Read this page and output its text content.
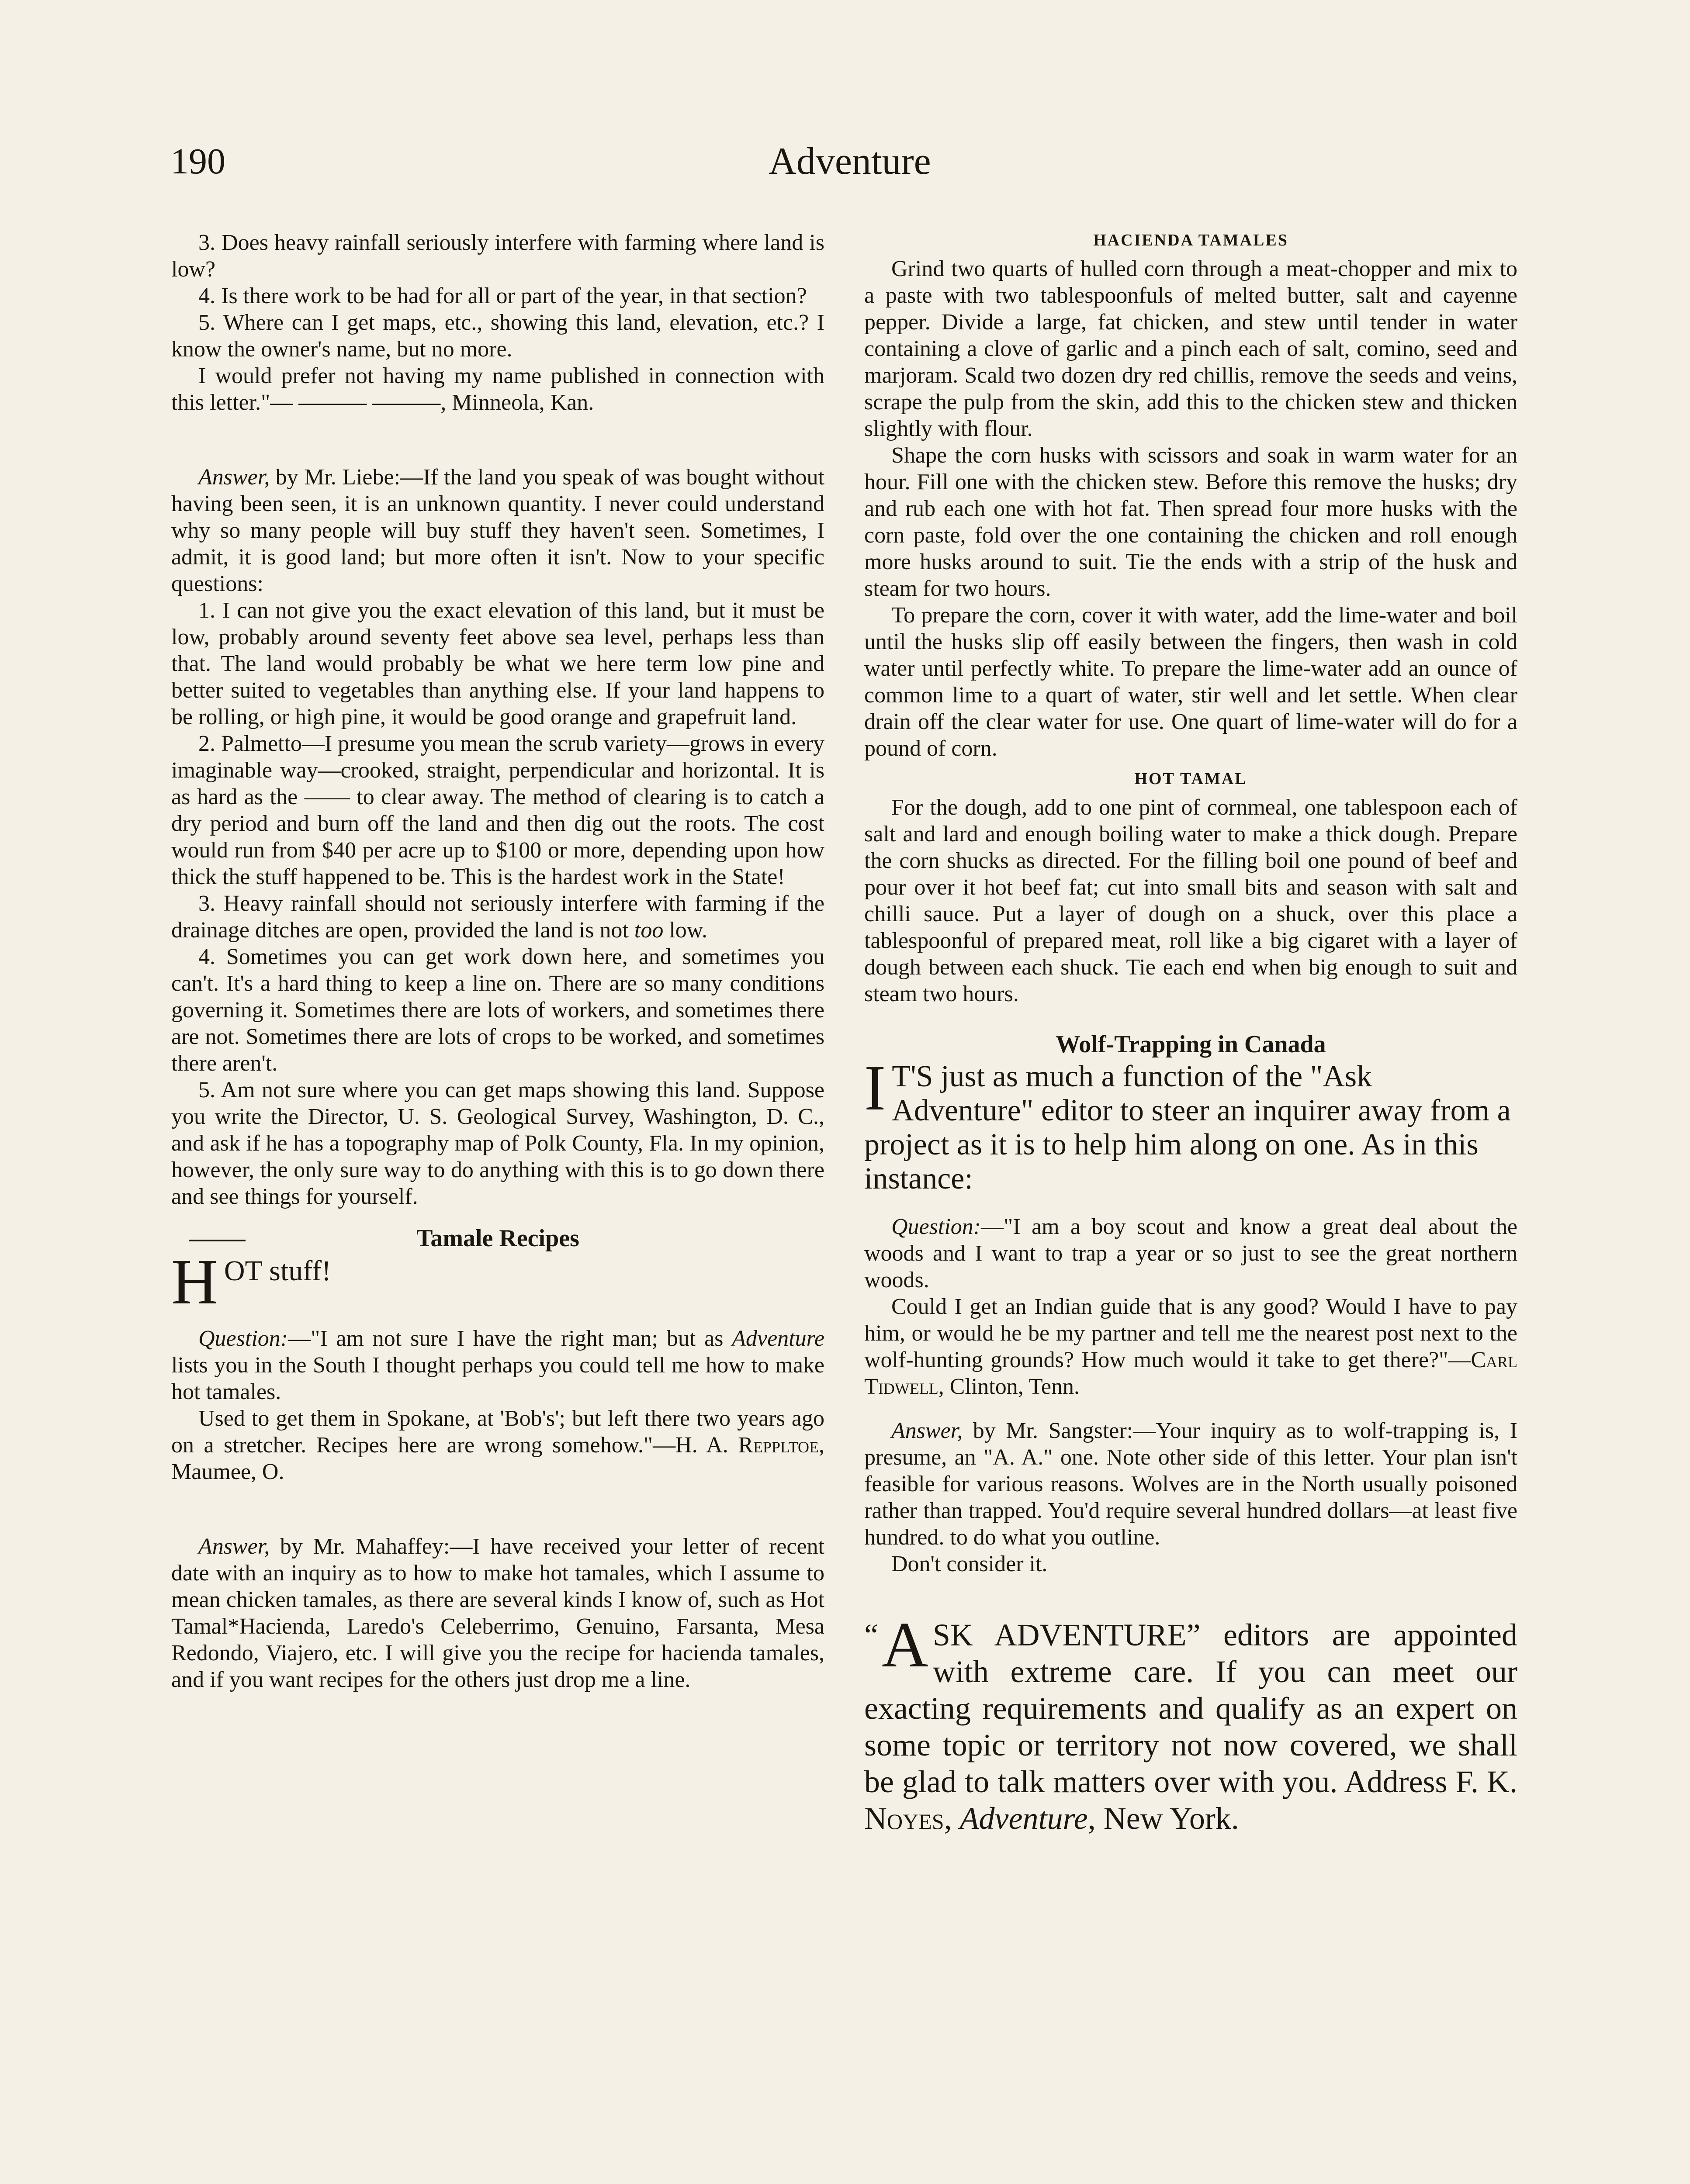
190	Adventure

3. Does heavy rainfall seriously interfere with farming where land is low?

4. Is there work to be had for all or part of the year, in that section?

5. Where can I get maps, etc., showing this land, elevation, etc.? I know the owner's name, but no more.

I would prefer not having my name published in connection with this letter."— ——— ———, Minneola, Kan.

Answer, by Mr. Liebe:—If the land you speak of was bought without having been seen, it is an unknown quantity. I never could understand why so many people will buy stuff they haven't seen. Sometimes, I admit, it is good land; but more often it isn't. Now to your specific questions:

1. I can not give you the exact elevation of this land, but it must be low, probably around seventy feet above sea level, perhaps less than that. The land would probably be what we here term low pine and better suited to vegetables than anything else. If your land happens to be rolling, or high pine, it would be good orange and grapefruit land.

2. Palmetto—I presume you mean the scrub variety—grows in every imaginable way—crooked, straight, perpendicular and horizontal. It is as hard as the —— to clear away. The method of clearing is to catch a dry period and burn off the land and then dig out the roots. The cost would run from $40 per acre up to $100 or more, depending upon how thick the stuff happened to be. This is the hardest work in the State!

3. Heavy rainfall should not seriously interfere with farming if the drainage ditches are open, provided the land is not too low.

4. Sometimes you can get work down here, and sometimes you can't. It's a hard thing to keep a line on. There are so many conditions governing it. Sometimes there are lots of workers, and sometimes there are not. Sometimes there are lots of crops to be worked, and sometimes there aren't.

5. Am not sure where you can get maps showing this land. Suppose you write the Director, U. S. Geological Survey, Washington, D. C., and ask if he has a topography map of Polk County, Fla. In my opinion, however, the only sure way to do anything with this is to go down there and see things for yourself.

Tamale Recipes
H OT stuff!

Question:—"I am not sure I have the right man; but as Adventure lists you in the South I thought perhaps you could tell me how to make hot tamales.

Used to get them in Spokane, at 'Bob's'; but left there two years ago on a stretcher. Recipes here are wrong somehow."—H. A. Reppltoe, Maumee, O.

Answer, by Mr. Mahaffey:—I have received your letter of recent date with an inquiry as to how to make hot tamales, which I assume to mean chicken tamales, as there are several kinds I know of, such as Hot Tamal*Hacienda, Laredo's Celeberrimo, Genuino, Farsanta, Mesa Redondo, Viajero, etc. I will give you the recipe for hacienda tamales, and if you want recipes for the others just drop me a line.

HACIENDA TAMALES

Grind two quarts of hulled corn through a meat-chopper and mix to a paste with two tablespoonfuls of melted butter, salt and cayenne pepper. Divide a large, fat chicken, and stew until tender in water containing a clove of garlic and a pinch each of salt, comino, seed and marjoram. Scald two dozen dry red chillis, remove the seeds and veins, scrape the pulp from the skin, add this to the chicken stew and thicken slightly with flour.

Shape the corn husks with scissors and soak in warm water for an hour. Fill one with the chicken stew. Before this remove the husks; dry and rub each one with hot fat. Then spread four more husks with the corn paste, fold over the one containing the chicken and roll enough more husks around to suit. Tie the ends with a strip of the husk and steam for two hours.

To prepare the corn, cover it with water, add the lime-water and boil until the husks slip off easily between the fingers, then wash in cold water until perfectly white. To prepare the lime-water add an ounce of common lime to a quart of water, stir well and let settle. When clear drain off the clear water for use. One quart of lime-water will do for a pound of corn.

HOT TAMAL

For the dough, add to one pint of cornmeal, one tablespoon each of salt and lard and enough boiling water to make a thick dough. Prepare the corn shucks as directed. For the filling boil one pound of beef and pour over it hot beef fat; cut into small bits and season with salt and chilli sauce. Put a layer of dough on a shuck, over this place a tablespoonful of prepared meat, roll like a big cigaret with a layer of dough between each shuck. Tie each end when big enough to suit and steam two hours.

Wolf-Trapping in Canada
I T'S just as much a function of the "Ask Adventure" editor to steer an inquirer away from a project as it is to help him along on one. As in this instance:

Question:—"I am a boy scout and know a great deal about the woods and I want to trap a year or so just to see the great northern woods.

Could I get an Indian guide that is any good? Would I have to pay him, or would he be my partner and tell me the nearest post next to the wolf-hunting grounds? How much would it take to get there?"—Carl Tidwell, Clinton, Tenn.

Answer, by Mr. Sangster:—Your inquiry as to wolf-trapping is, I presume, an "A. A." one. Note other side of this letter. Your plan isn't feasible for various reasons. Wolves are in the North usually poisoned rather than trapped. You'd require several hundred dollars—at least five hundred. to do what you outline.

Don't consider it.

“ A SK ADVENTURE” editors are appointed with extreme care. If you can meet our exacting requirements and qualify as an expert on some topic or territory not now covered, we shall be glad to talk matters over with you. Address F. K. Noyes, Adventure, New York.
